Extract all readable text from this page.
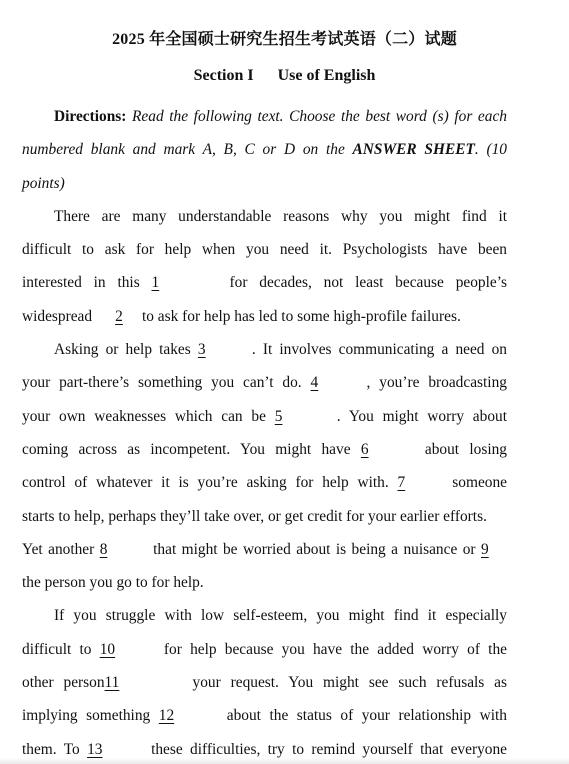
2025 年全国硕士研究生招生考试英语（二）试题
Section I Use of English
Directions: Read the following text. Choose the best word (s) for each
numbered blank and mark A, B, C or D on the ANSWER SHEET. (10
points)
There are many understandable reasons why you might find it
difficult to ask for help when you need it. Psychologists have been
interested in this 1	for decades, not least because people’s
widespread 2 to ask for help has led to some high-profile failures.
Asking or help takes 3	. It involves communicating a need on
your part-there’s something you can’t do. 4	, you’re broadcasting
your own weaknesses which can be 5	. You might worry about
coming across as incompetent. You might have 6	about losing
control of whatever it is you’re asking for help with. 7	someone
starts to help, perhaps they’ll take over, or get credit for your earlier efforts.
Yet another 8	that might be worried about is being a nuisance or 9
the person you go to for help.
If you struggle with low self-esteem, you might find it especially
difficult to 10	for help because you have the added worry of the
other person11	your request. You might see such refusals as
implying something 12	about the status of your relationship with
them. To 13	these difficulties, try to remind yourself that everyone
